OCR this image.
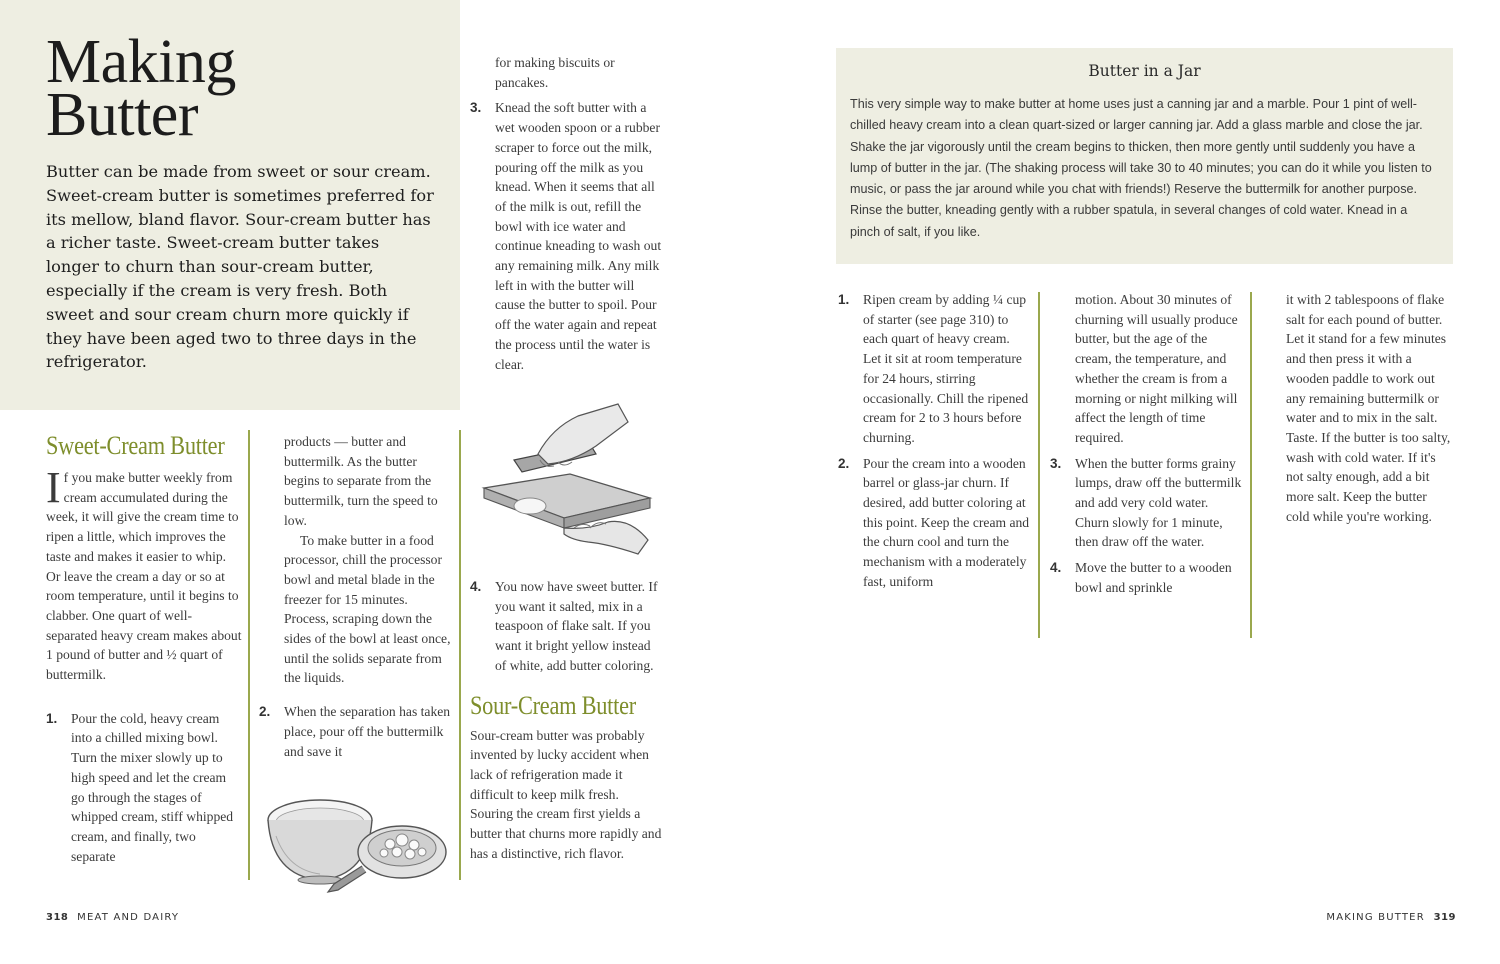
Making
Butter

Butter can be made from sweet or sour cream. Sweet-cream butter is sometimes preferred for its mellow, bland flavor. Sour-cream butter has a richer taste. Sweet-cream butter takes longer to churn than sour-cream butter, especially if the cream is very fresh. Both sweet and sour cream churn more quickly if they have been aged two to three days in the refrigerator.

Sweet-Cream Butter

If you make butter weekly from cream accumulated during the week, it will give the cream time to ripen a little, which improves the taste and makes it easier to whip. Or leave the cream a day or so at room temperature, until it begins to clabber. One quart of well-separated heavy cream makes about 1 pound of butter and ½ quart of buttermilk.

1. Pour the cold, heavy cream into a chilled mixing bowl. Turn the mixer slowly up to high speed and let the cream go through the stages of whipped cream, stiff whipped cream, and finally, two separate

products — butter and buttermilk. As the butter begins to separate from the buttermilk, turn the speed to low.

To make butter in a food processor, chill the processor bowl and metal blade in the freezer for 15 minutes. Process, scraping down the sides of the bowl at least once, until the solids separate from the liquids.

2. When the separation has taken place, pour off the buttermilk and save it

for making biscuits or pancakes.

3. Knead the soft butter with a wet wooden spoon or a rubber scraper to force out the milk, pouring off the milk as you knead. When it seems that all of the milk is out, refill the bowl with ice water and continue kneading to wash out any remaining milk. Any milk left in with the butter will cause the butter to spoil. Pour off the water again and repeat the process until the water is clear.
4. You now have sweet butter. If you want it salted, mix in a teaspoon of flake salt. If you want it bright yellow instead of white, add butter coloring.
Sour-Cream Butter

Sour-cream butter was probably invented by lucky accident when lack of refrigeration made it difficult to keep milk fresh. Souring the cream first yields a butter that churns more rapidly and has a distinctive, rich flavor.

318 MEAT AND DAIRY
Butter in a Jar

This very simple way to make butter at home uses just a canning jar and a marble. Pour 1 pint of well-chilled heavy cream into a clean quart-sized or larger canning jar. Add a glass marble and close the jar. Shake the jar vigorously until the cream begins to thicken, then more gently until suddenly you have a lump of butter in the jar. (The shaking process will take 30 to 40 minutes; you can do it while you listen to music, or pass the jar around while you chat with friends!) Reserve the buttermilk for another purpose. Rinse the butter, kneading gently with a rubber spatula, in several changes of cold water. Knead in a pinch of salt, if you like.

1. Ripen cream by adding ¼ cup of starter (see page 310) to each quart of heavy cream. Let it sit at room temperature for 24 hours, stirring occasionally. Chill the ripened cream for 2 to 3 hours before churning.
2. Pour the cream into a wooden barrel or glass-jar churn. If desired, add butter coloring at this point. Keep the cream and the churn cool and turn the mechanism with a moderately fast, uniform

motion. About 30 minutes of churning will usually produce butter, but the age of the cream, the temperature, and whether the cream is from a morning or night milking will affect the length of time required.

3. When the butter forms grainy lumps, draw off the buttermilk and add very cold water. Churn slowly for 1 minute, then draw off the water.
4. Move the butter to a wooden bowl and sprinkle

it with 2 tablespoons of flake salt for each pound of butter. Let it stand for a few minutes and then press it with a wooden paddle to work out any remaining buttermilk or water and to mix in the salt. Taste. If the butter is too salty, wash with cold water. If it's not salty enough, add a bit more salt. Keep the butter cold while you're working.

MAKING BUTTER 319
